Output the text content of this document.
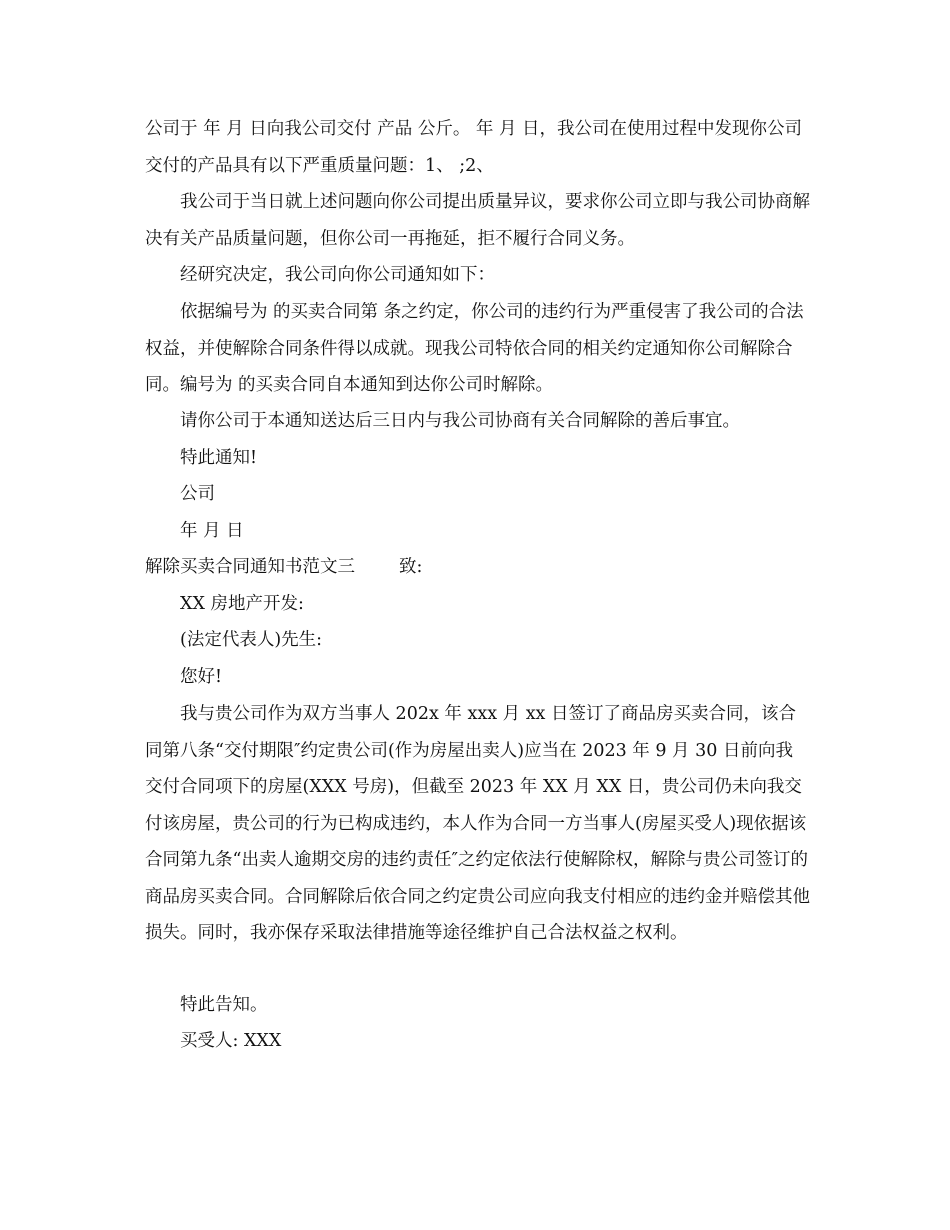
公司于 年 月 日向我公司交付 产品 公斤。 年 月 日，我公司在使用过程中发现你公司交付的产品具有以下严重质量问题：1、 ;2、

我公司于当日就上述问题向你公司提出质量异议，要求你公司立即与我公司协商解决有关产品质量问题，但你公司一再拖延，拒不履行合同义务。

经研究决定，我公司向你公司通知如下：

依据编号为 的买卖合同第 条之约定，你公司的违约行为严重侵害了我公司的合法权益，并使解除合同条件得以成就。现我公司特依合同的相关约定通知你公司解除合同。编号为 的买卖合同自本通知到达你公司时解除。

请你公司于本通知送达后三日内与我公司协商有关合同解除的善后事宜。

特此通知!

公司

年 月 日

解除买卖合同通知书范文三	致:

XX 房地产开发:

(法定代表人)先生:

您好!

我与贵公司作为双方当事人 202x 年 xxx 月 xx 日签订了商品房买卖合同，该合同第八条“交付期限″约定贵公司(作为房屋出卖人)应当在 2023 年 9 月 30 日前向我交付合同项下的房屋(XXX 号房)，但截至 2023 年 XX 月 XX 日，贵公司仍未向我交付该房屋，贵公司的行为已构成违约，本人作为合同一方当事人(房屋买受人)现依据该合同第九条“出卖人逾期交房的违约责任″之约定依法行使解除权，解除与贵公司签订的商品房买卖合同。合同解除后依合同之约定贵公司应向我支付相应的违约金并赔偿其他损失。同时，我亦保存采取法律措施等途径维护自己合法权益之权利。

特此告知。

买受人: XXX
